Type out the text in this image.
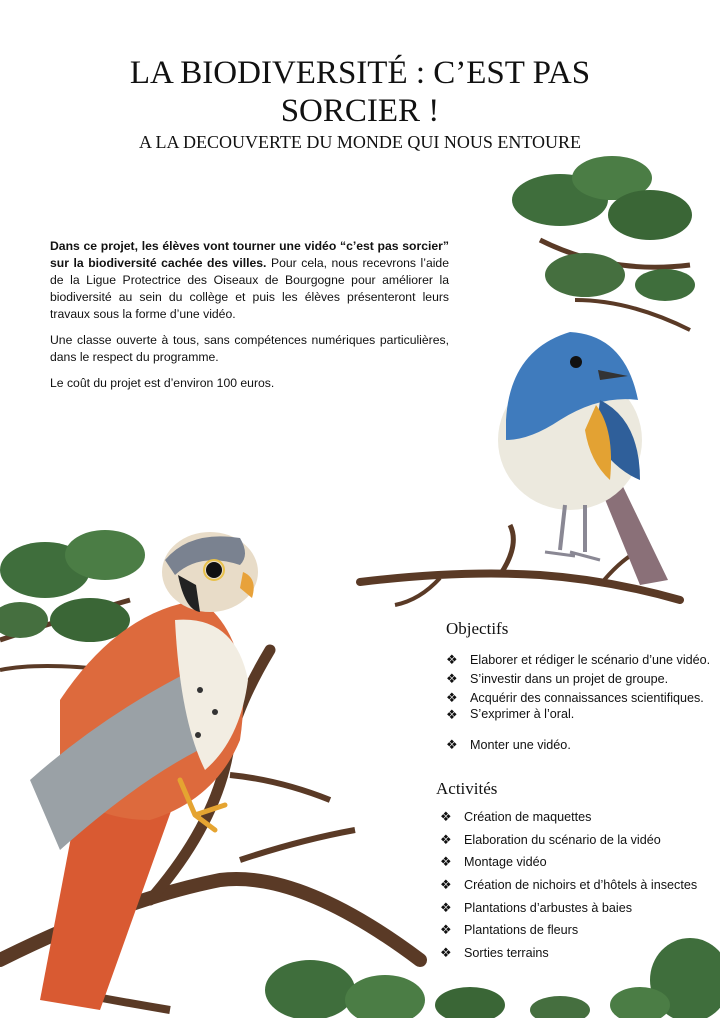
LA BIODIVERSITÉ : C’EST PAS
SORCIER !
A LA DECOUVERTE DU MONDE QUI NOUS ENTOURE

Dans ce projet, les élèves vont tourner une vidéo “c’est pas sorcier” sur la biodiversité cachée des villes. Pour cela, nous recevrons l’aide de la Ligue Protectrice des Oiseaux de Bourgogne pour améliorer la biodiversité au sein du collège et puis les élèves présenteront leurs travaux sous la forme d’une vidéo.

Une classe ouverte à tous, sans compétences numériques particulières, dans le respect du programme.

Le coût du projet est d’environ 100 euros.

Objectifs
❖ Elaborer et rédiger le scénario d’une vidéo.
❖ S’investir dans un projet de groupe.
❖ Acquérir des connaissances scientifiques.
❖ S’exprimer à l’oral.
❖ Monter une vidéo.
Activités
❖ Création de maquettes
❖ Elaboration du scénario de la vidéo
❖ Montage vidéo
❖ Création de nichoirs et d’hôtels à insectes
❖ Plantations d’arbustes à baies
❖ Plantations de fleurs
❖ Sorties terrains
